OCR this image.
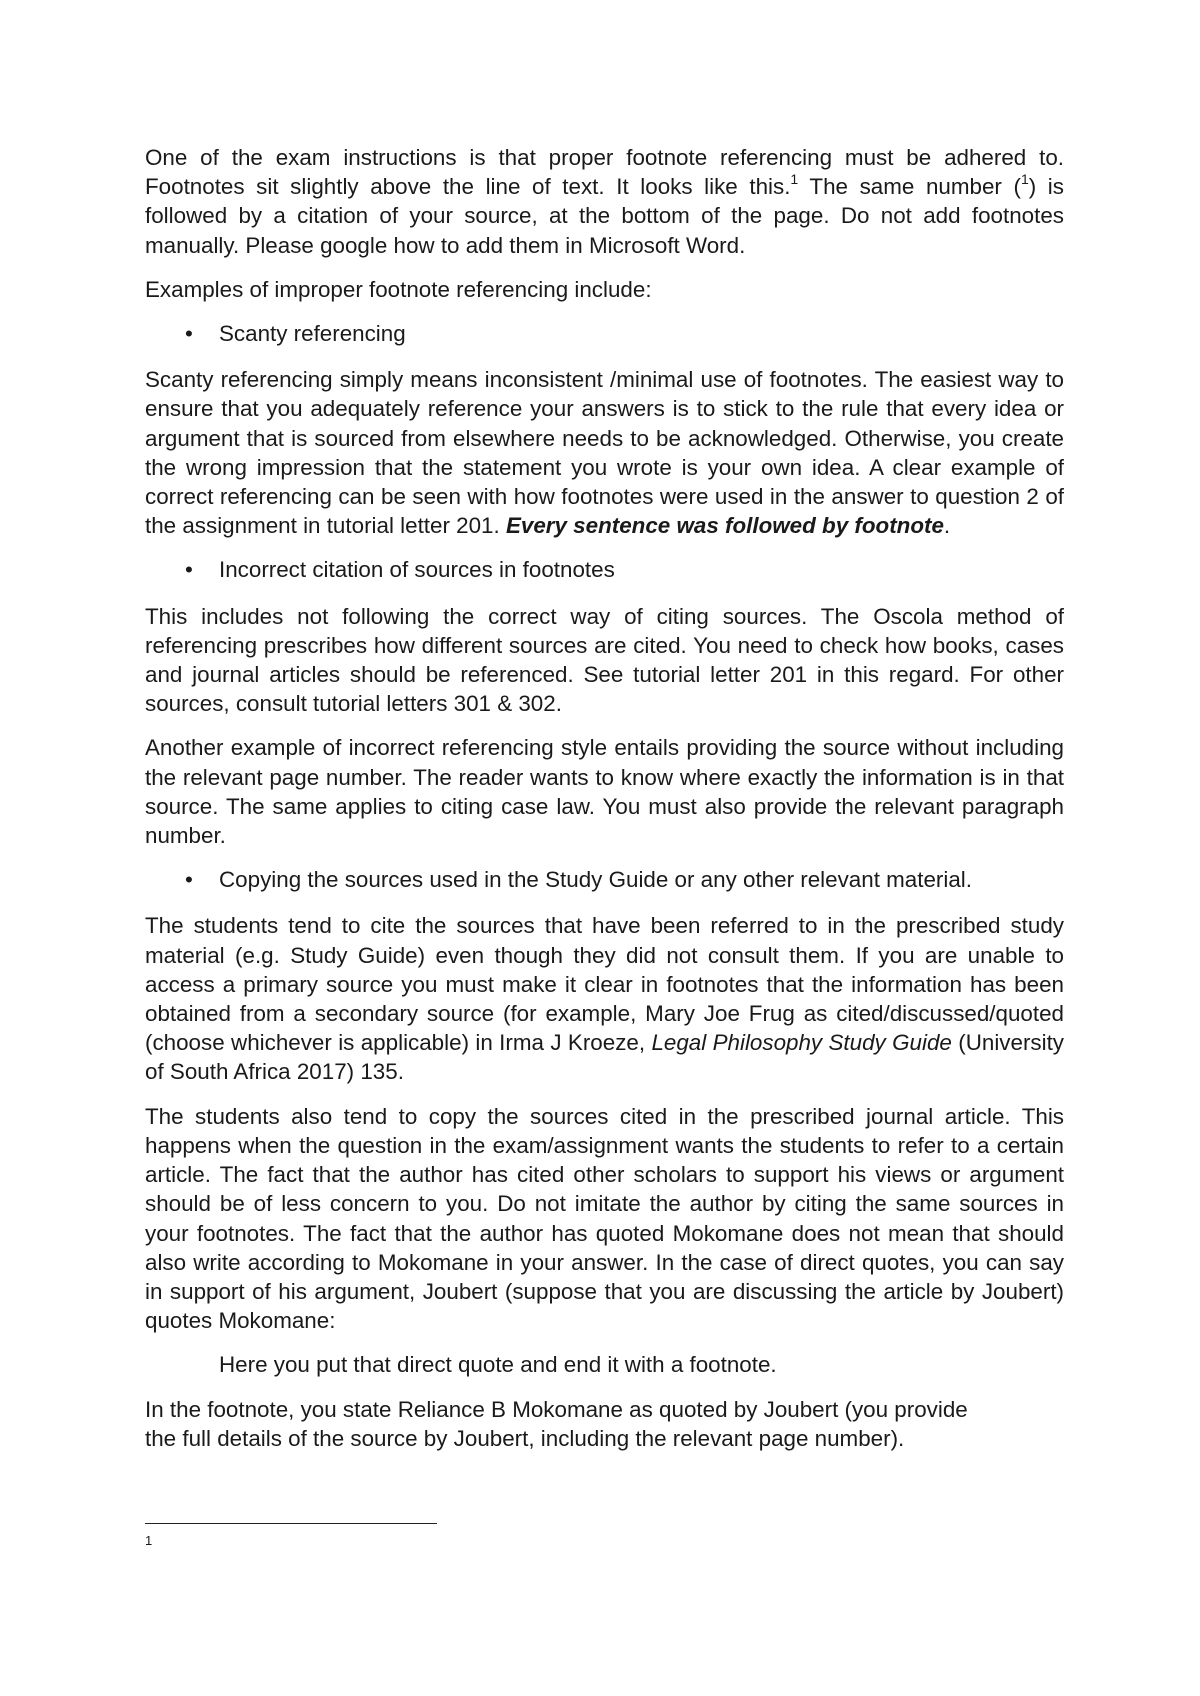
One of the exam instructions is that proper footnote referencing must be adhered to. Footnotes sit slightly above the line of text. It looks like this.$^1$ The same number ($^1$) is followed by a citation of your source, at the bottom of the page. Do not add footnotes manually. Please google how to add them in Microsoft Word.

Examples of improper footnote referencing include:

• Scanty referencing

Scanty referencing simply means inconsistent /minimal use of footnotes. The easiest way to ensure that you adequately reference your answers is to stick to the rule that every idea or argument that is sourced from elsewhere needs to be acknowledged. Otherwise, you create the wrong impression that the statement you wrote is your own idea. A clear example of correct referencing can be seen with how footnotes were used in the answer to question 2 of the assignment in tutorial letter 201. Every sentence was followed by footnote.

• Incorrect citation of sources in footnotes

This includes not following the correct way of citing sources. The Oscola method of referencing prescribes how different sources are cited. You need to check how books, cases and journal articles should be referenced. See tutorial letter 201 in this regard. For other sources, consult tutorial letters 301 & 302.

Another example of incorrect referencing style entails providing the source without including the relevant page number. The reader wants to know where exactly the information is in that source. The same applies to citing case law. You must also provide the relevant paragraph number.

• Copying the sources used in the Study Guide or any other relevant material.

The students tend to cite the sources that have been referred to in the prescribed study material (e.g. Study Guide) even though they did not consult them. If you are unable to access a primary source you must make it clear in footnotes that the information has been obtained from a secondary source (for example, Mary Joe Frug as cited/discussed/quoted (choose whichever is applicable) in Irma J Kroeze, Legal Philosophy Study Guide (University of South Africa 2017) 135.

The students also tend to copy the sources cited in the prescribed journal article. This happens when the question in the exam/assignment wants the students to refer to a certain article. The fact that the author has cited other scholars to support his views or argument should be of less concern to you. Do not imitate the author by citing the same sources in your footnotes. The fact that the author has quoted Mokomane does not mean that should also write according to Mokomane in your answer. In the case of direct quotes, you can say in support of his argument, Joubert (suppose that you are discussing the article by Joubert) quotes Mokomane:

Here you put that direct quote and end it with a footnote.

In the footnote, you state Reliance B Mokomane as quoted by Joubert (you provide
the full details of the source by Joubert, including the relevant page number).

1
